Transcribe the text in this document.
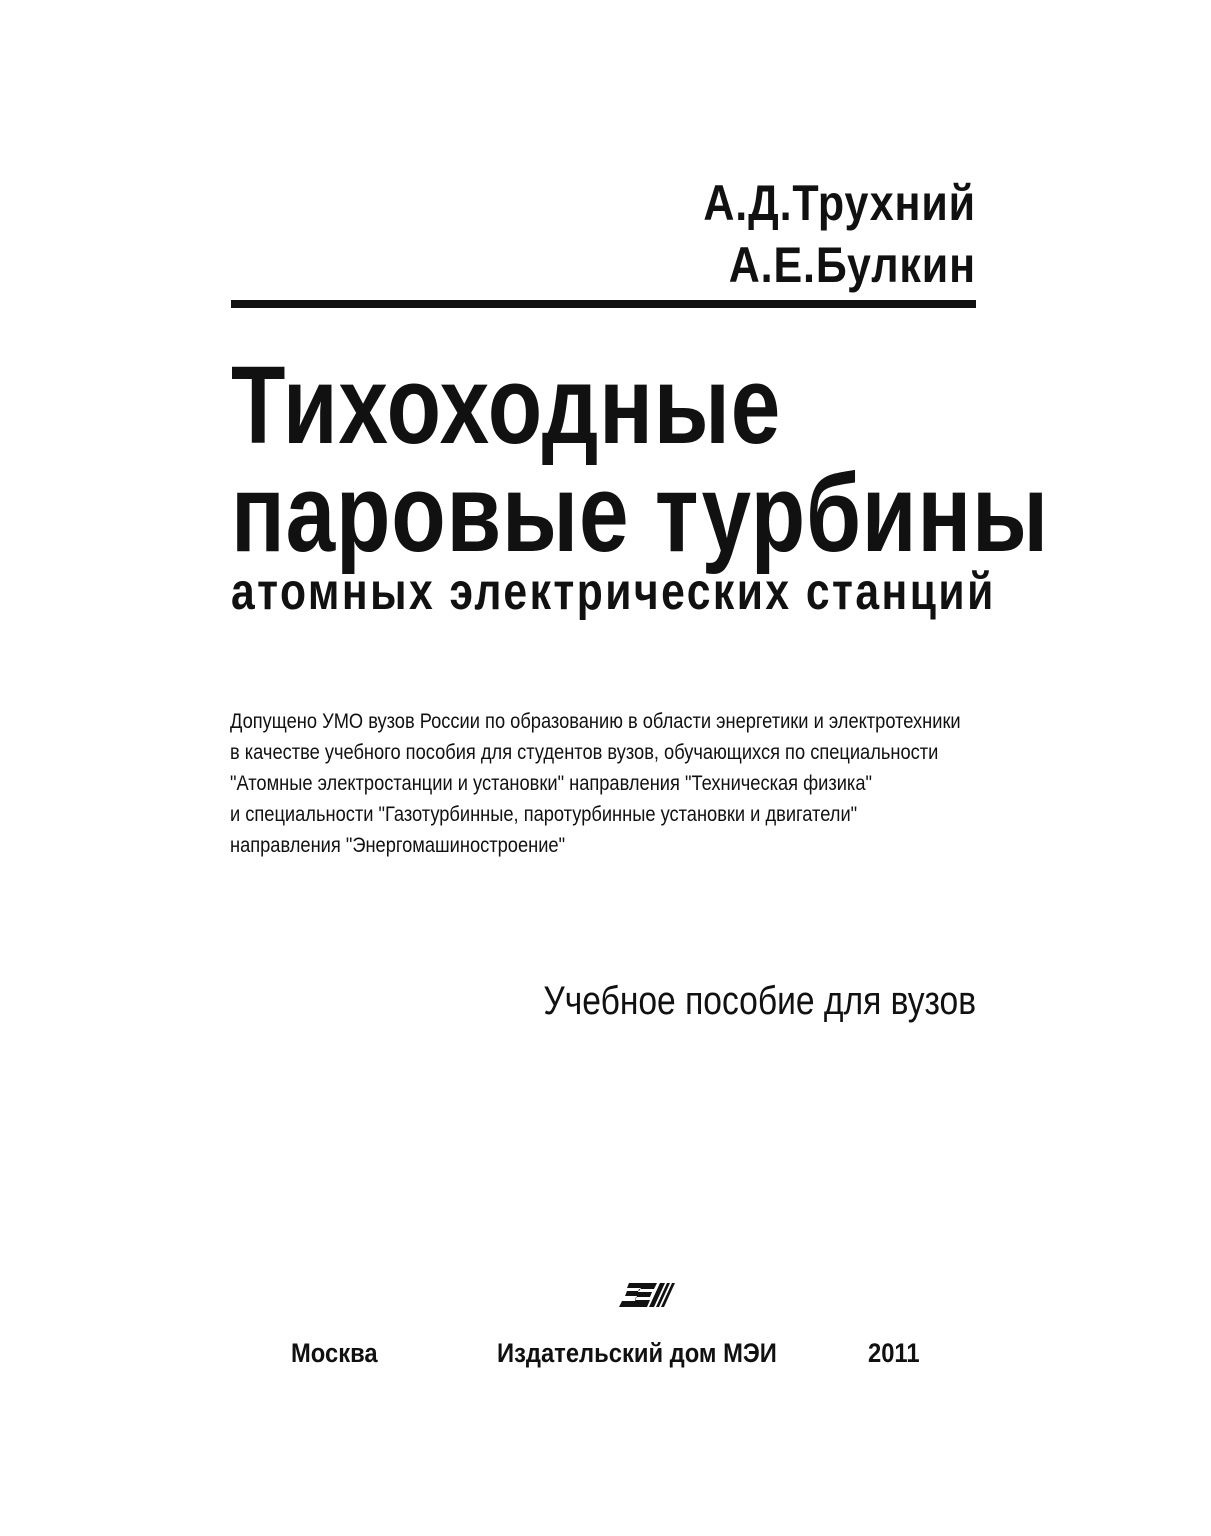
А.Д.Трухний
А.Е.Булкин
Тихоходные
паровые турбины
атомных электрических станций
Допущено УМО вузов России по образованию в области энергетики и электротехники
в качестве учебного пособия для студентов вузов, обучающихся по специальности
"Атомные электростанции и установки" направления "Техническая физика"
и специальности "Газотурбинные, паротурбинные установки и двигатели"
направления "Энергомашиностроение"
Учебное пособие для вузов
Москва	Издательский дом МЭИ	2011
